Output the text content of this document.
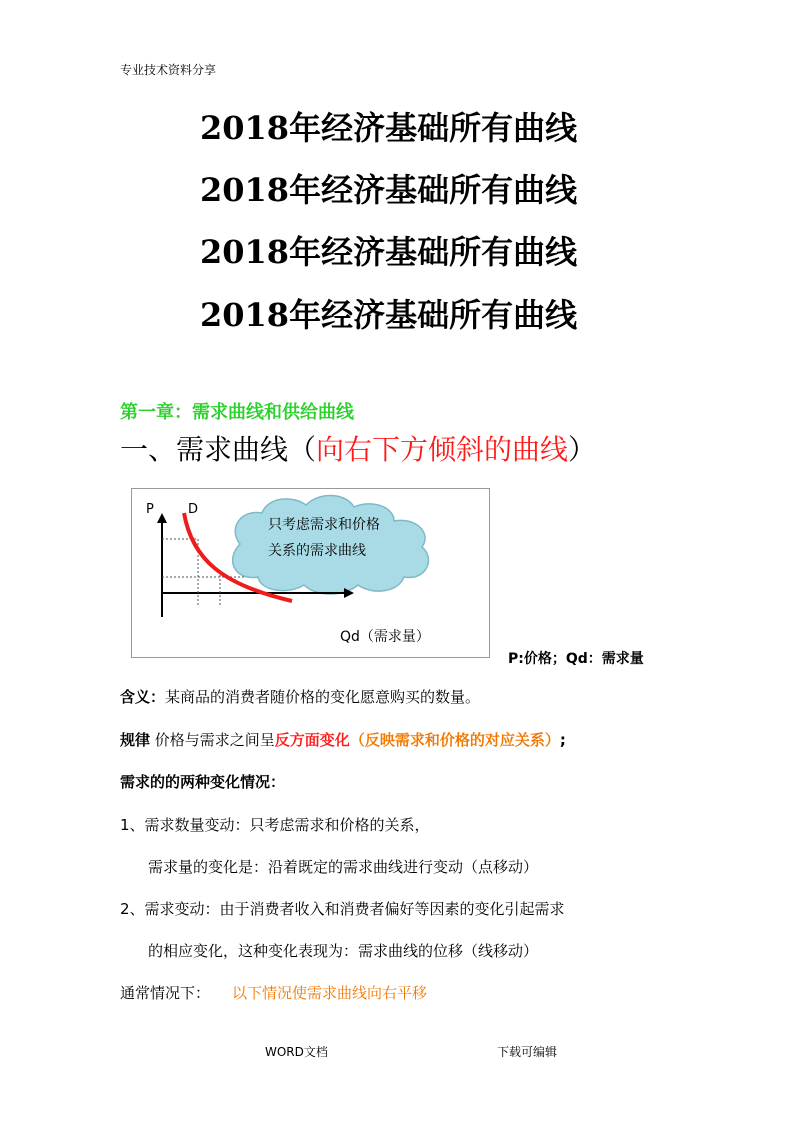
专业技术资料分享
2018年经济基础所有曲线
2018年经济基础所有曲线
2018年经济基础所有曲线
2018年经济基础所有曲线
第一章：需求曲线和供给曲线
一、需求曲线（向右下方倾斜的曲线）
只考虑需求和价格
关系的需求曲线
P	D
Qd（需求量）
P:价格；Qd：需求量
含义：某商品的消费者随价格的变化愿意购买的数量。
规律 价格与需求之间呈反方面变化（反映需求和价格的对应关系）;
需求的的两种变化情况：
1、需求数量变动：只考虑需求和价格的关系，
需求量的变化是：沿着既定的需求曲线进行变动（点移动）
2、需求变动：由于消费者收入和消费者偏好等因素的变化引起需求
的相应变化，这种变化表现为：需求曲线的位移（线移动）
通常情况下： 以下情况使需求曲线向右平移
WORD文档	下载可编辑
